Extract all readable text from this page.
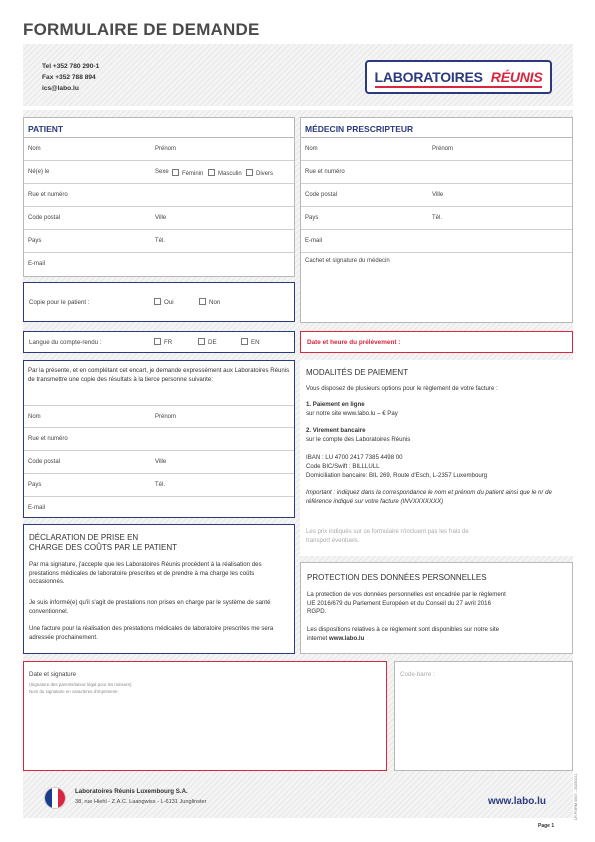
FORMULAIRE DE DEMANDE
Tel +352 780 290-1
Fax +352 788 894
ics@labo.lu
LABORATOIRES RÉUNIS
PATIENT
Nom	Prénom
Né(e) le	Sexe	Féminin	Masculin	Divers
Rue et numéro
Code postal	Ville
Pays	Tél.
E-mail
MÉDECIN PRESCRIPTEUR
Nom	Prénom
Rue et numéro
Code postal	Ville
Pays	Tél.
E-mail
Cachet et signature du médecin
Copie pour le patient :	Oui	Non
Langue du compte-rendu :	FR	DE	EN	Date et heure du prélèvement :
Par la présente, et en complétant cet encart, je demande expressément aux Laboratoires Réunis de transmettre une copie des résultats à la tierce personne suivante:
Nom	Prénom
Rue et numéro
Code postal	Ville
Pays	Tél.
E-mail
MODALITÉS DE PAIEMENT
Vous disposez de plusieurs options pour le règlement de votre facture :
1. Paiement en ligne
sur notre site www.labo.lu – € Pay
2. Virement bancaire
sur le compte des Laboratoires Réunis
IBAN : LU 4700 2417 7385 4498 00
Code BIC/Swift : BILLLULL
Domiciliation bancaire: BIL 269, Route d'Esch, L-2357 Luxembourg
Important : indiquez dans la correspondance le nom et prénom du patient ainsi que le nr de référence indiqué sur votre facture (INVXXXXXXX)
Les prix indiqués sur ce formulaire n'incluent pas les frais de transport éventuels.
DÉCLARATION DE PRISE EN
CHARGE DES COÛTS PAR LE PATIENT
Par ma signature, j'accepte que les Laboratoires Réunis procèdent à la réalisation des prestations médicales de laboratoire prescrites et de prendre à ma charge les coûts occasionnés.
Je suis informé(e) qu'il s'agit de prestations non prises en charge par le système de santé conventionnel.
Une facture pour la réalisation des prestations médicales de laboratoire prescrites me sera adressée prochainement.
PROTECTION DES DONNÉES PERSONNELLES
La protection de vos données personnelles est encadrée par le règlement UE 2016/679 du Parlement Européen et du Conseil du 27 avril 2016 RGPD.
Les dispositions relatives à ce règlement sont disponibles sur notre site internet www.labo.lu
Date et signature
(Signature des parents/tuteur légal pour les mineurs)
Nom du signataire en caractères d'imprimerie:
Code-barre :
Laboratoires Réunis Luxembourg S.A.
38, rue Hiehl - Z.A.C. Laangwiss - L-6131 Junglinster	www.labo.lu
Page 1
LR FORM 0007 - 20250211
